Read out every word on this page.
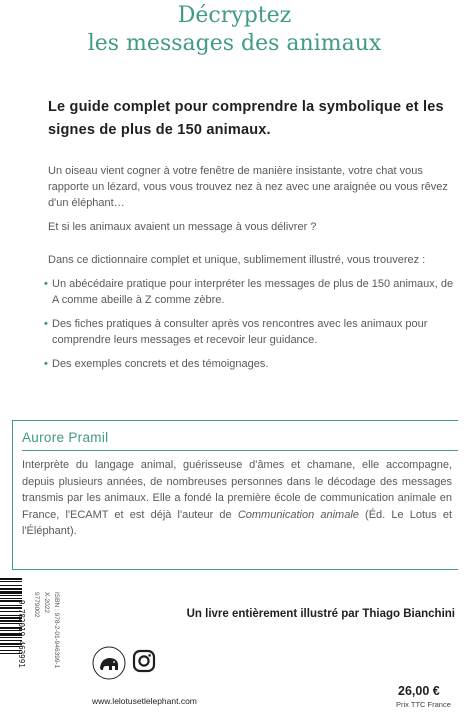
Décryptez
les messages des animaux
Le guide complet pour comprendre la symbolique et les signes de plus de 150 animaux.
Un oiseau vient cogner à votre fenêtre de manière insistante, votre chat vous rapporte un lézard, vous vous trouvez nez à nez avec une araignée ou vous rêvez d'un éléphant…
Et si les animaux avaient un message à vous délivrer ?
Dans ce dictionnaire complet et unique, sublimement illustré, vous trouverez :
• Un abécédaire pratique pour interpréter les messages de plus de 150 animaux, de A comme abeille à Z comme zèbre.
• Des fiches pratiques à consulter après vos rencontres avec les animaux pour comprendre leurs messages et recevoir leur guidance.
• Des exemples concrets et des témoignages.
Aurore Pramil
Interprète du langage animal, guérisseuse d'âmes et chamane, elle accompagne, depuis plusieurs années, de nombreuses personnes dans le décodage des messages transmis par les animaux. Elle a fondé la première école de communication animale en France, l'ECAMT et est déjà l'auteur de Communication animale (Éd. Le Lotus et l'Éléphant).
Un livre entièrement illustré par Thiago Bianchini
9 782019 463991	9779002 X-2022 ISBN : 978-2-01-946399-1
www.lelotusetlelephant.com
26,00 €
Prix TTC France
